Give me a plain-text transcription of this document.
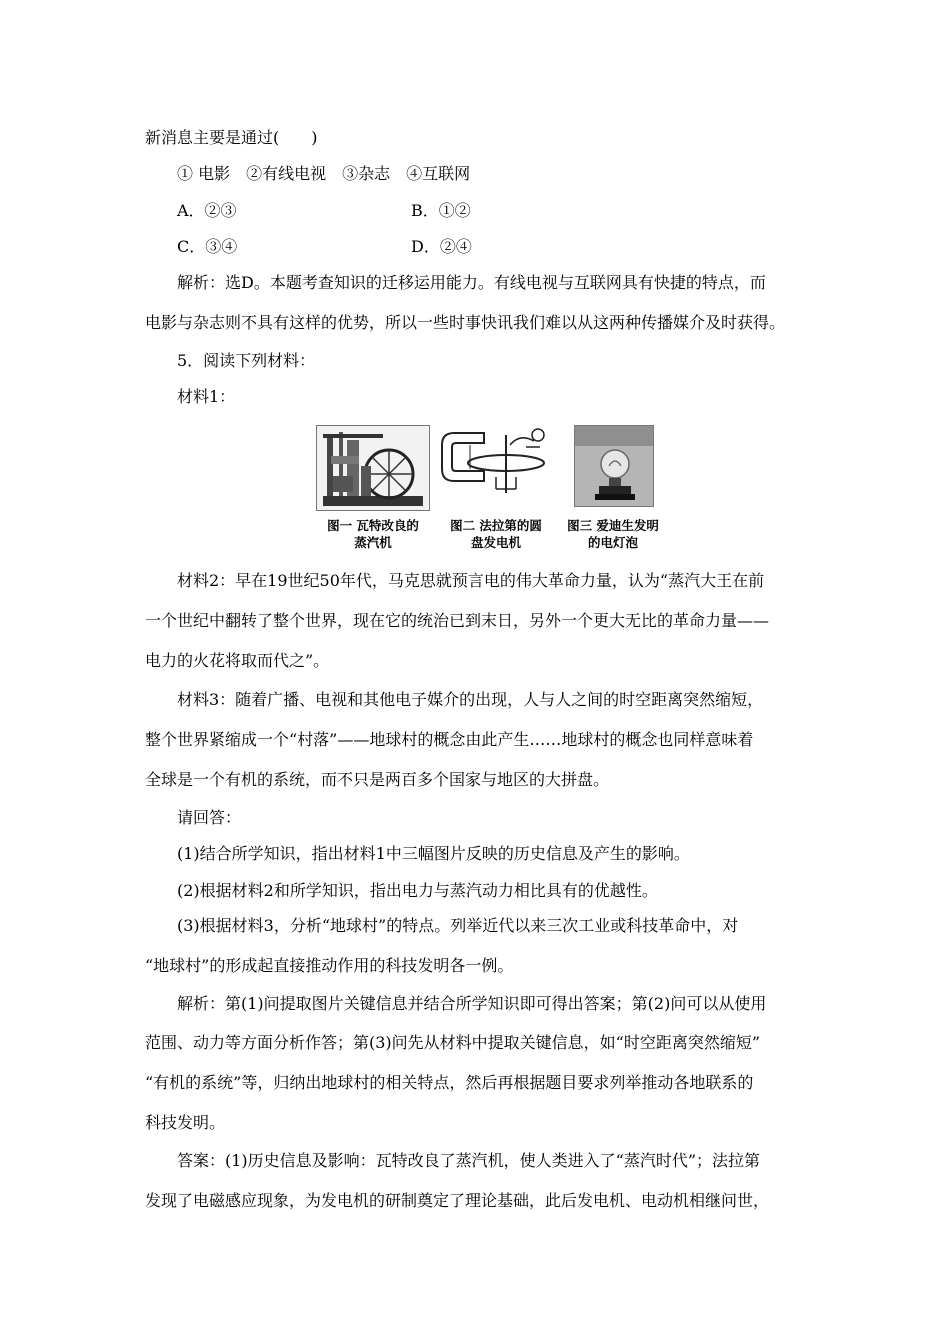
新消息主要是通过(　　)
① 电影　②有线电视　③杂志　④互联网
A．②③	B．①②
C．③④	D．②④
解析：选D。本题考查知识的迁移运用能力。有线电视与互联网具有快捷的特点，而
电影与杂志则不具有这样的优势，所以一些时事快讯我们难以从这两种传播媒介及时获得。
5．阅读下列材料：
材料1：
图一 瓦特改良的
蒸汽机
图二 法拉第的圆
盘发电机
图三 爱迪生发明
的电灯泡
材料2：早在19世纪50年代，马克思就预言电的伟大革命力量，认为“蒸汽大王在前
一个世纪中翻转了整个世界，现在它的统治已到末日，另外一个更大无比的革命力量——
电力的火花将取而代之”。
材料3：随着广播、电视和其他电子媒介的出现，人与人之间的时空距离突然缩短，
整个世界紧缩成一个“村落”——地球村的概念由此产生……地球村的概念也同样意味着
全球是一个有机的系统，而不只是两百多个国家与地区的大拼盘。
请回答：
(1)结合所学知识，指出材料1中三幅图片反映的历史信息及产生的影响。
(2)根据材料2和所学知识，指出电力与蒸汽动力相比具有的优越性。
(3)根据材料3，分析“地球村”的特点。列举近代以来三次工业或科技革命中，对
“地球村”的形成起直接推动作用的科技发明各一例。
解析：第(1)问提取图片关键信息并结合所学知识即可得出答案；第(2)问可以从使用
范围、动力等方面分析作答；第(3)问先从材料中提取关键信息，如“时空距离突然缩短”
“有机的系统”等，归纳出地球村的相关特点，然后再根据题目要求列举推动各地联系的
科技发明。
答案：(1)历史信息及影响：瓦特改良了蒸汽机，使人类进入了“蒸汽时代”；法拉第
发现了电磁感应现象，为发电机的研制奠定了理论基础，此后发电机、电动机相继问世，
